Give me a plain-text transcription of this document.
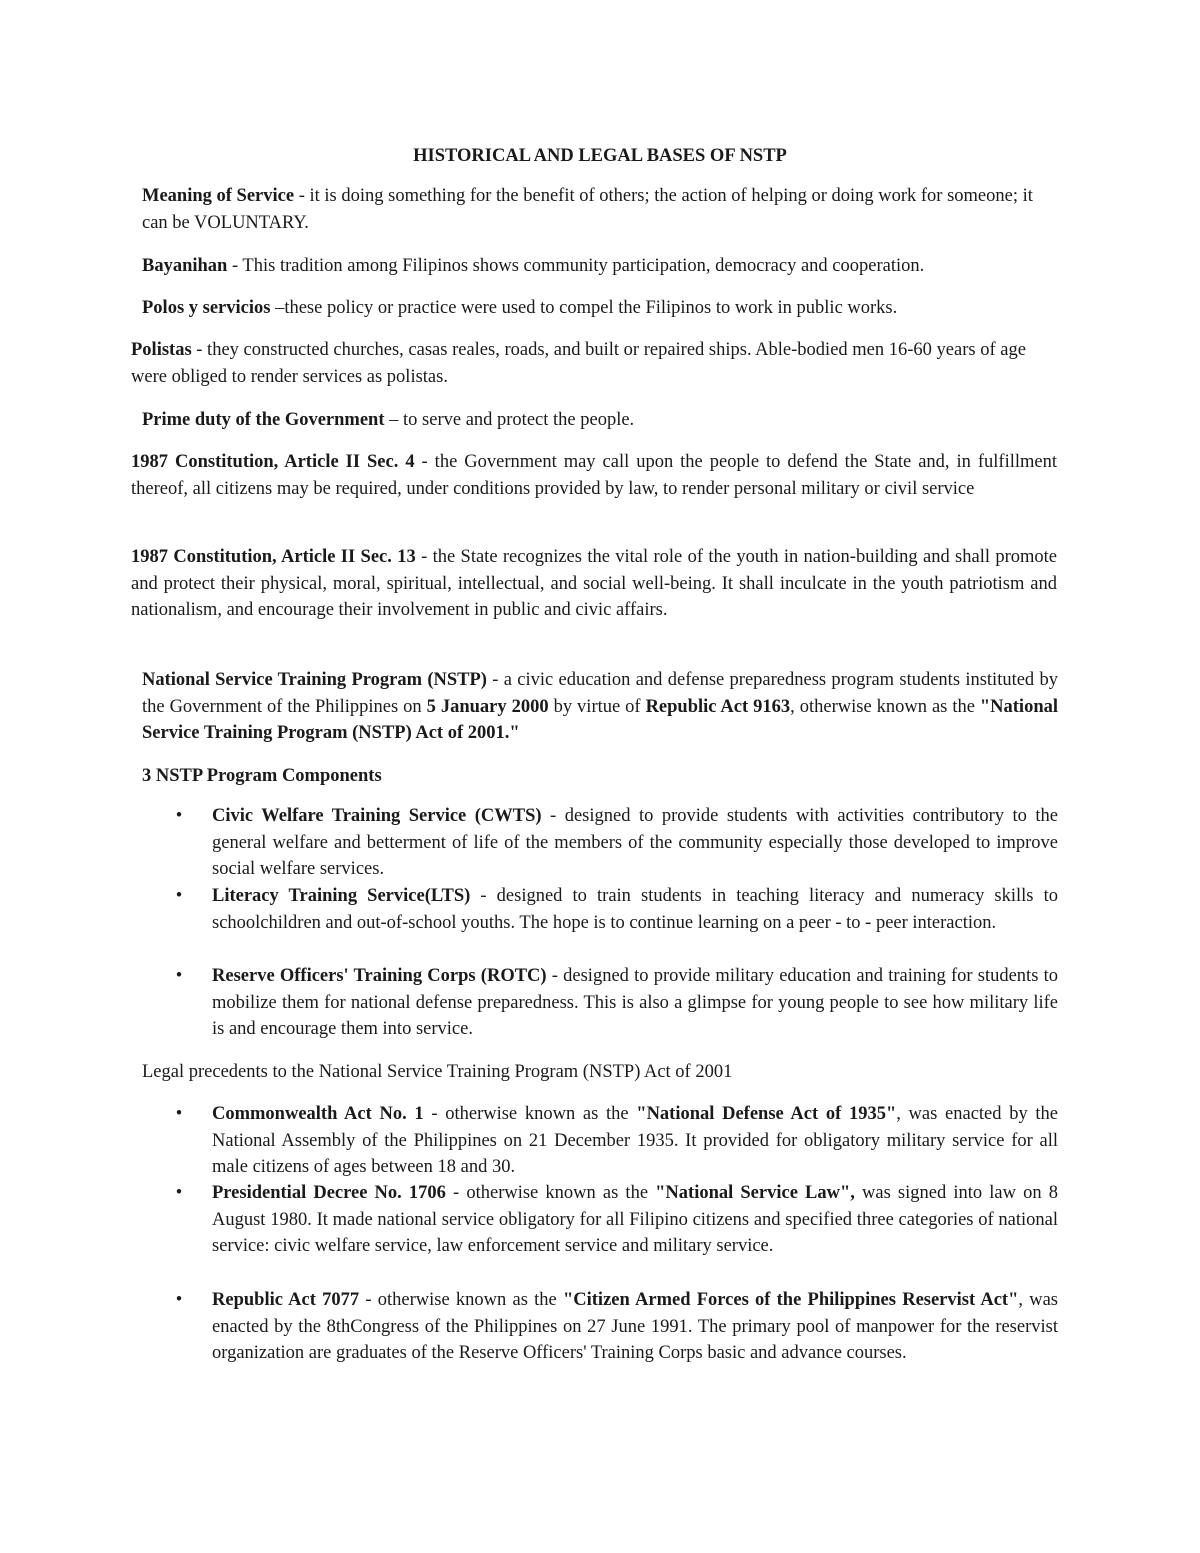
HISTORICAL AND LEGAL BASES OF NSTP

Meaning of Service - it is doing something for the benefit of others; the action of helping or doing work for someone; it can be VOLUNTARY.

Bayanihan - This tradition among Filipinos shows community participation, democracy and cooperation.

Polos y servicios –these policy or practice were used to compel the Filipinos to work in public works.

Polistas - they constructed churches, casas reales, roads, and built or repaired ships. Able-bodied men 16-60 years of age were obliged to render services as polistas.

Prime duty of the Government – to serve and protect the people.

1987 Constitution, Article II Sec. 4 - the Government may call upon the people to defend the State and, in fulfillment thereof, all citizens may be required, under conditions provided by law, to render personal military or civil service

1987 Constitution, Article II Sec. 13 - the State recognizes the vital role of the youth in nation-building and shall promote and protect their physical, moral, spiritual, intellectual, and social well-being. It shall inculcate in the youth patriotism and nationalism, and encourage their involvement in public and civic affairs.

National Service Training Program (NSTP) - a civic education and defense preparedness program students instituted by the Government of the Philippines on 5 January 2000 by virtue of Republic Act 9163, otherwise known as the "National Service Training Program (NSTP) Act of 2001."

3 NSTP Program Components

• Civic Welfare Training Service (CWTS) - designed to provide students with activities contributory to the general welfare and betterment of life of the members of the community especially those developed to improve social welfare services.

• Literacy Training Service(LTS) - designed to train students in teaching literacy and numeracy skills to schoolchildren and out-of-school youths. The hope is to continue learning on a peer - to - peer interaction.

• Reserve Officers' Training Corps (ROTC) - designed to provide military education and training for students to mobilize them for national defense preparedness. This is also a glimpse for young people to see how military life is and encourage them into service.

Legal precedents to the National Service Training Program (NSTP) Act of 2001

• Commonwealth Act No. 1 - otherwise known as the "National Defense Act of 1935", was enacted by the National Assembly of the Philippines on 21 December 1935. It provided for obligatory military service for all male citizens of ages between 18 and 30.

• Presidential Decree No. 1706 - otherwise known as the "National Service Law", was signed into law on 8 August 1980. It made national service obligatory for all Filipino citizens and specified three categories of national service: civic welfare service, law enforcement service and military service.

• Republic Act 7077 - otherwise known as the "Citizen Armed Forces of the Philippines Reservist Act", was enacted by the 8thCongress of the Philippines on 27 June 1991. The primary pool of manpower for the reservist organization are graduates of the Reserve Officers' Training Corps basic and advance courses.
